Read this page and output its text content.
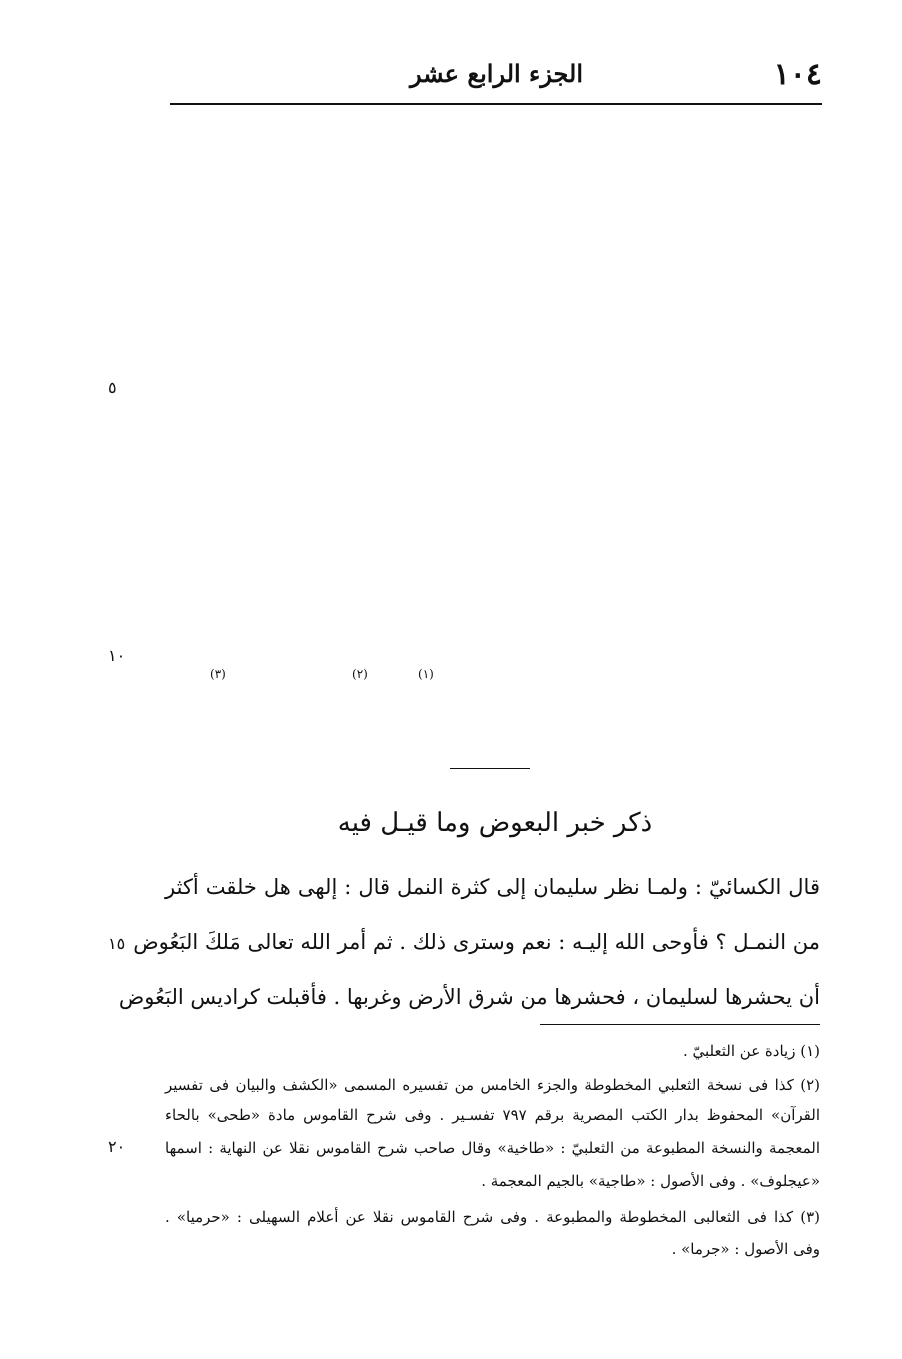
١٠٤
الجزء الرابع عشر
(١)
(٢)
(٣)
٥
١٠
١٥
٢٠
ذكر خبر البعوض وما قيـل فيه
قال الكسائيّ : ولمـا نظر سليمان إلى كثرة النمل قال : إلهى هل خلقت أكثر
من النمـل ؟ فأوحى الله إليـه : نعم وسترى ذلك . ثم أمر الله تعالى مَلكَ البَعُوض
أن يحشرها لسليمان ، فحشرها من شرق الأرض وغربها . فأقبلت كراديس البَعُوض
(١) زيادة عن الثعلبيّ .
(٢) كذا فى نسخة الثعلبي المخطوطة والجزء الخامس من تفسيره المسمى «الكشف والبيان فى تفسير
القرآن» المحفوظ بدار الكتب المصرية برقم ٧٩٧ تفسـير . وفى شرح القاموس مادة «طحى» بالحاء
المعجمة والنسخة المطبوعة من الثعلبيّ : «طاخية» وقال صاحب شرح القاموس نقلا عن النهاية : اسمها
«عيجلوف» . وفى الأصول : «طاجية» بالجيم المعجمة .
(٣) كذا فى الثعالبى المخطوطة والمطبوعة . وفى شرح القاموس نقلا عن أعلام السهيلى : «حرميا» .
وفى الأصول : «جرما» .
